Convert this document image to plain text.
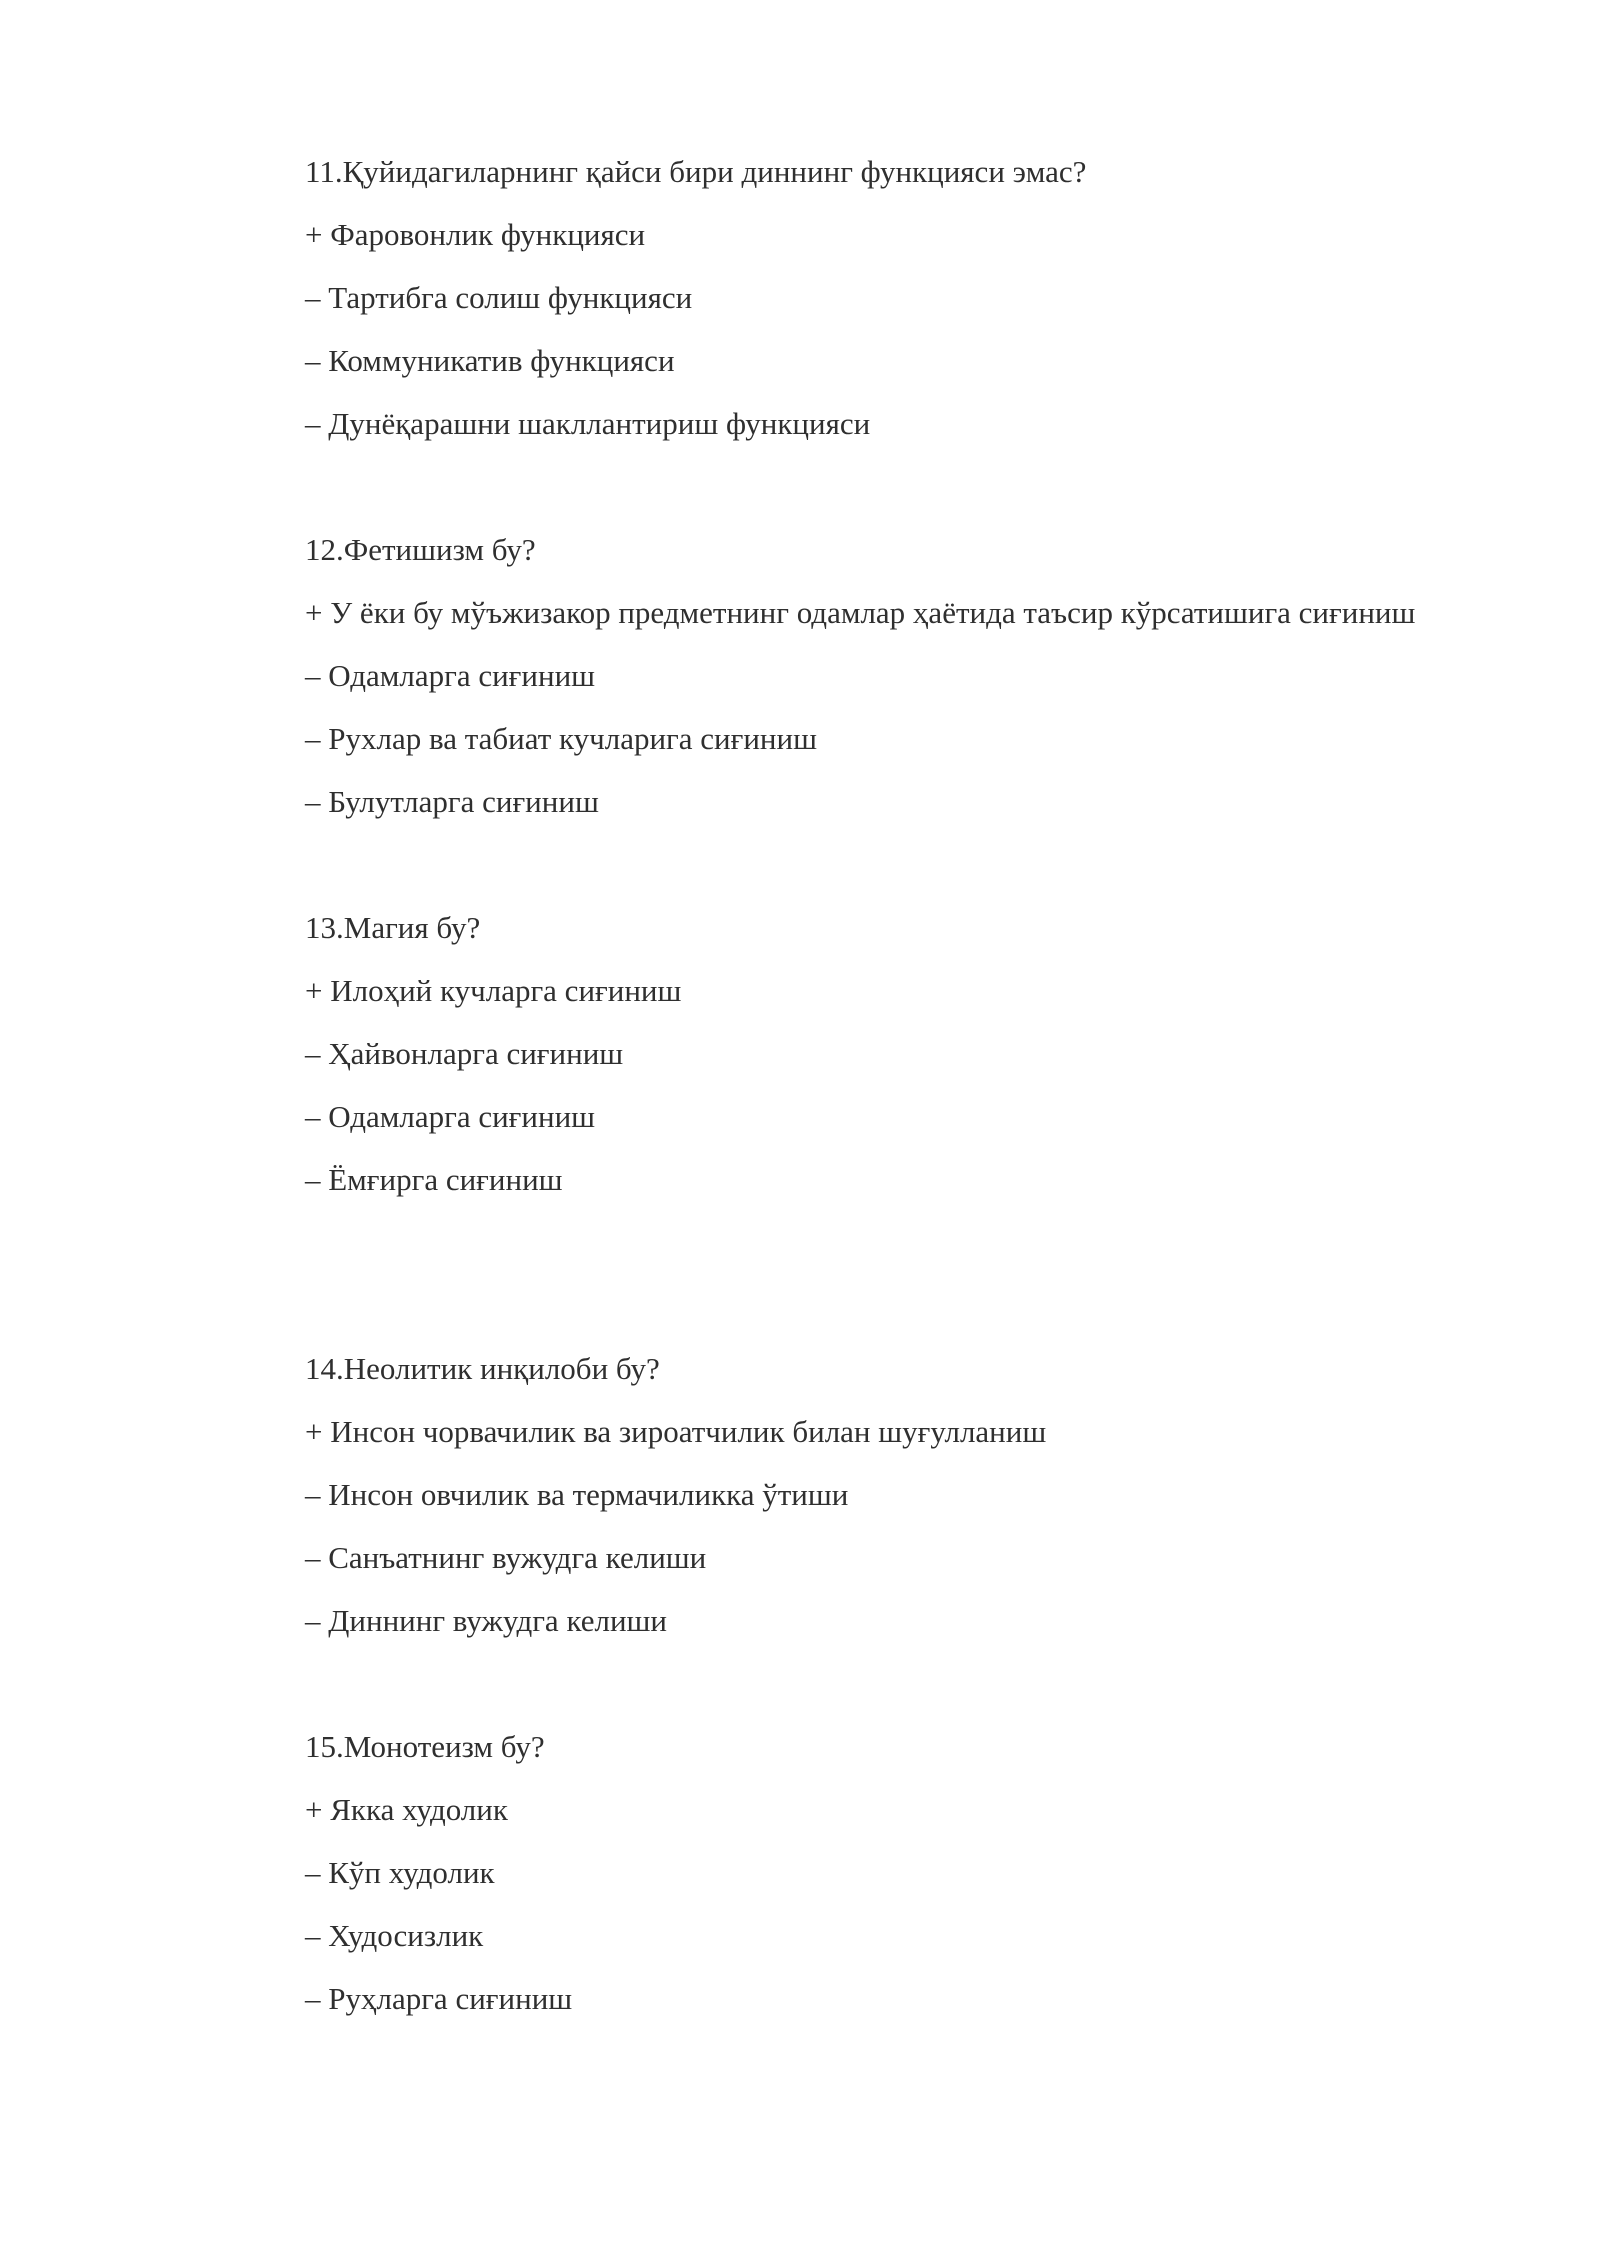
11.Қуйидагиларнинг қайси бири диннинг функцияси эмас?

+ Фаровонлик функцияси

– Тартибга солиш функцияси

– Коммуникатив функцияси

– Дунёқарашни шакллантириш функцияси

12.Фетишизм бу?

+ У ёки бу мўъжизакор предметнинг одамлар ҳаётида таъсир кўрсатишига сиғиниш

– Одамларга сиғиниш

– Рухлар ва табиат кучларига сиғиниш

– Булутларга сиғиниш

13.Магия бу?

+ Илоҳий кучларга сиғиниш

– Ҳайвонларга сиғиниш

– Одамларга сиғиниш

– Ёмғирга сиғиниш

14.Неолитик инқилоби бу?

+ Инсон чорвачилик ва зироатчилик билан шуғулланиш

– Инсон овчилик ва термачиликка ўтиши

– Санъатнинг вужудга келиши

– Диннинг вужудга келиши

15.Монотеизм бу?

+ Якка худолик

– Кўп худолик

– Худосизлик

– Руҳларга сиғиниш
